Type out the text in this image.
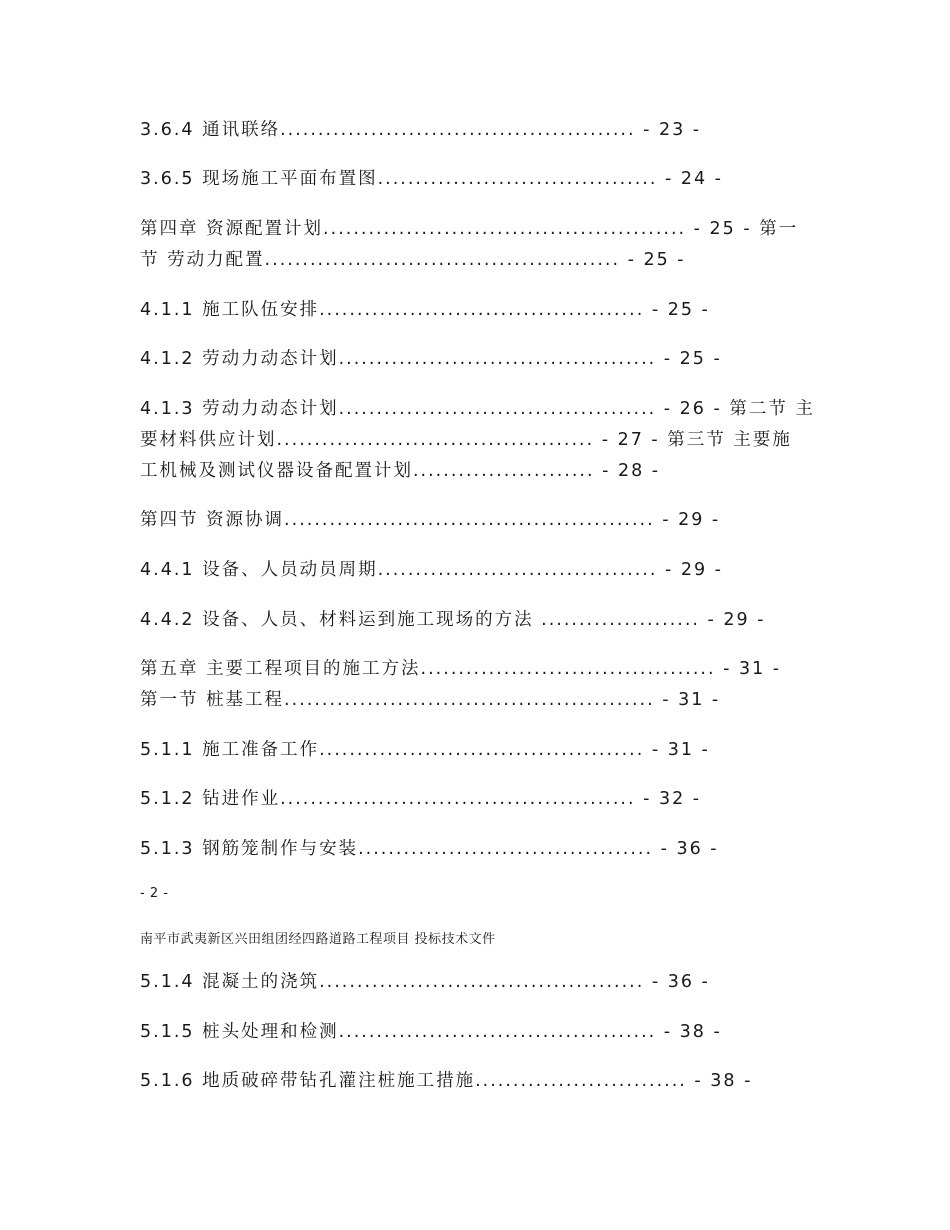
3.6.4 通讯联络............................................... - 23 -
3.6.5 现场施工平面布置图..................................... - 24 -
第四章 资源配置计划................................................ - 25 - 第一
节 劳动力配置............................................... - 25 -
4.1.1 施工队伍安排........................................... - 25 -
4.1.2 劳动力动态计划.......................................... - 25 -
4.1.3 劳动力动态计划.......................................... - 26 - 第二节 主
要材料供应计划.......................................... - 27 - 第三节 主要施
工机械及测试仪器设备配置计划........................ - 28 -
第四节 资源协调................................................. - 29 -
4.4.1 设备、人员动员周期..................................... - 29 -
4.4.2 设备、人员、材料运到施工现场的方法 ..................... - 29 -
第五章 主要工程项目的施工方法....................................... - 31 -
第一节 桩基工程................................................. - 31 -
5.1.1 施工准备工作........................................... - 31 -
5.1.2 钻进作业............................................... - 32 -
5.1.3 钢筋笼制作与安装....................................... - 36 -
- 2 -
南平市武夷新区兴田组团经四路道路工程项目 投标技术文件
5.1.4 混凝土的浇筑........................................... - 36 -
5.1.5 桩头处理和检测.......................................... - 38 -
5.1.6 地质破碎带钻孔灌注桩施工措施............................ - 38 -
